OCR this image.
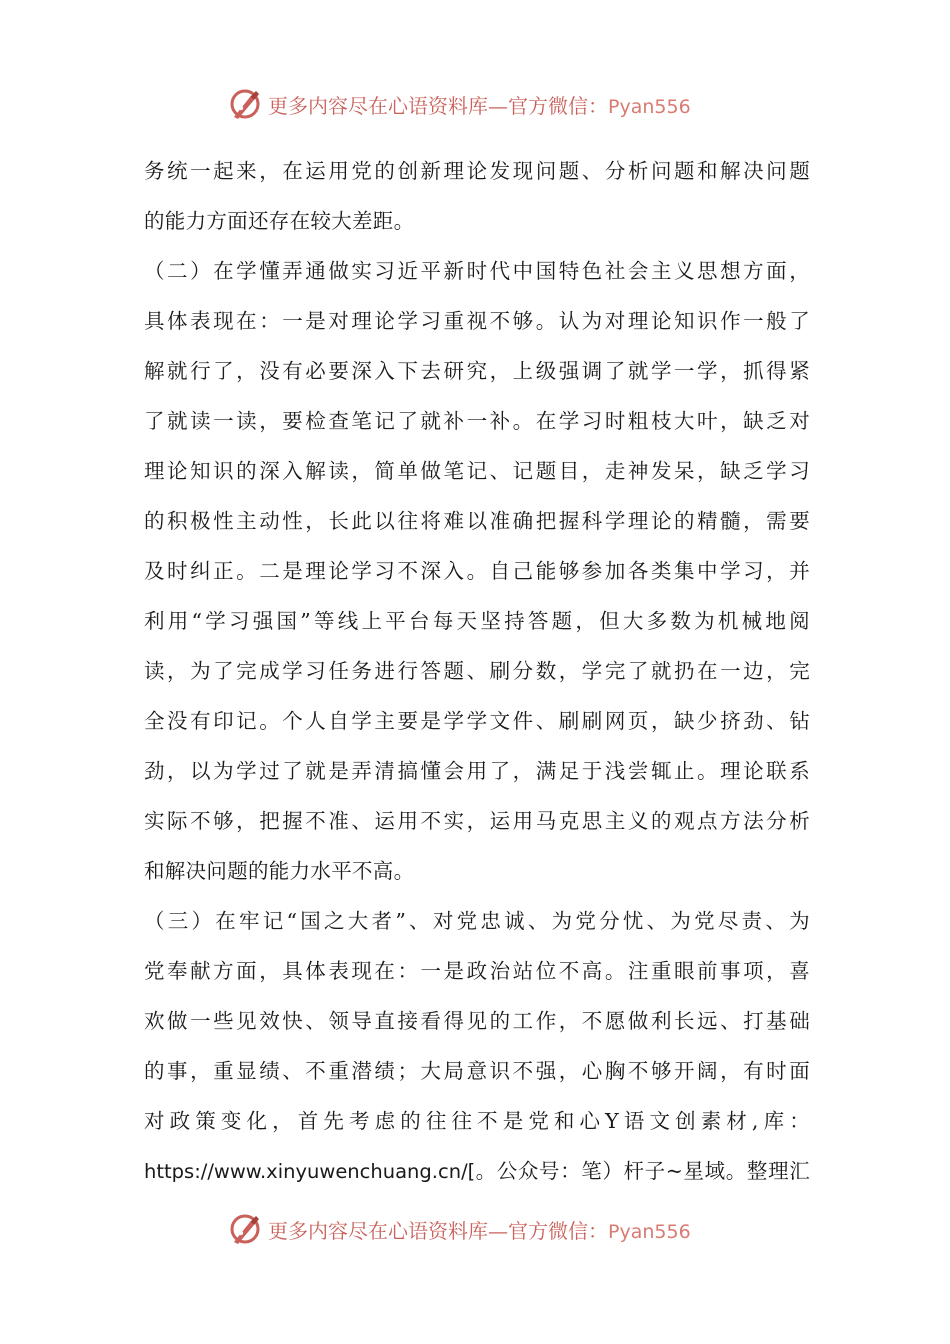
更多内容尽在心语资料库—官方微信：Pyan556
务统一起来，在运用党的创新理论发现问题、分析问题和解决问题
的能力方面还存在较大差距。
（二）在学懂弄通做实习近平新时代中国特色社会主义思想方面，
具体表现在：一是对理论学习重视不够。认为对理论知识作一般了
解就行了，没有必要深入下去研究，上级强调了就学一学，抓得紧
了就读一读，要检查笔记了就补一补。在学习时粗枝大叶，缺乏对
理论知识的深入解读，简单做笔记、记题目，走神发呆，缺乏学习
的积极性主动性，长此以往将难以准确把握科学理论的精髓，需要
及时纠正。二是理论学习不深入。自己能够参加各类集中学习，并
利用“学习强国”等线上平台每天坚持答题，但大多数为机械地阅
读，为了完成学习任务进行答题、刷分数，学完了就扔在一边，完
全没有印记。个人自学主要是学学文件、刷刷网页，缺少挤劲、钻
劲，以为学过了就是弄清搞懂会用了，满足于浅尝辄止。理论联系
实际不够，把握不准、运用不实，运用马克思主义的观点方法分析
和解决问题的能力水平不高。
（三）在牢记“国之大者”、对党忠诚、为党分忧、为党尽责、为
党奉献方面，具体表现在：一是政治站位不高。注重眼前事项，喜
欢做一些见效快、领导直接看得见的工作，不愿做利长远、打基础
的事，重显绩、不重潜绩；大局意识不强，心胸不够开阔，有时面
对政策变化，首先考虑的往往不是党和心Y语文创素材,库：
https://www.xinyuwenchuang.cn/[。公众号：笔）杆子~星域。整理汇
更多内容尽在心语资料库—官方微信：Pyan556
